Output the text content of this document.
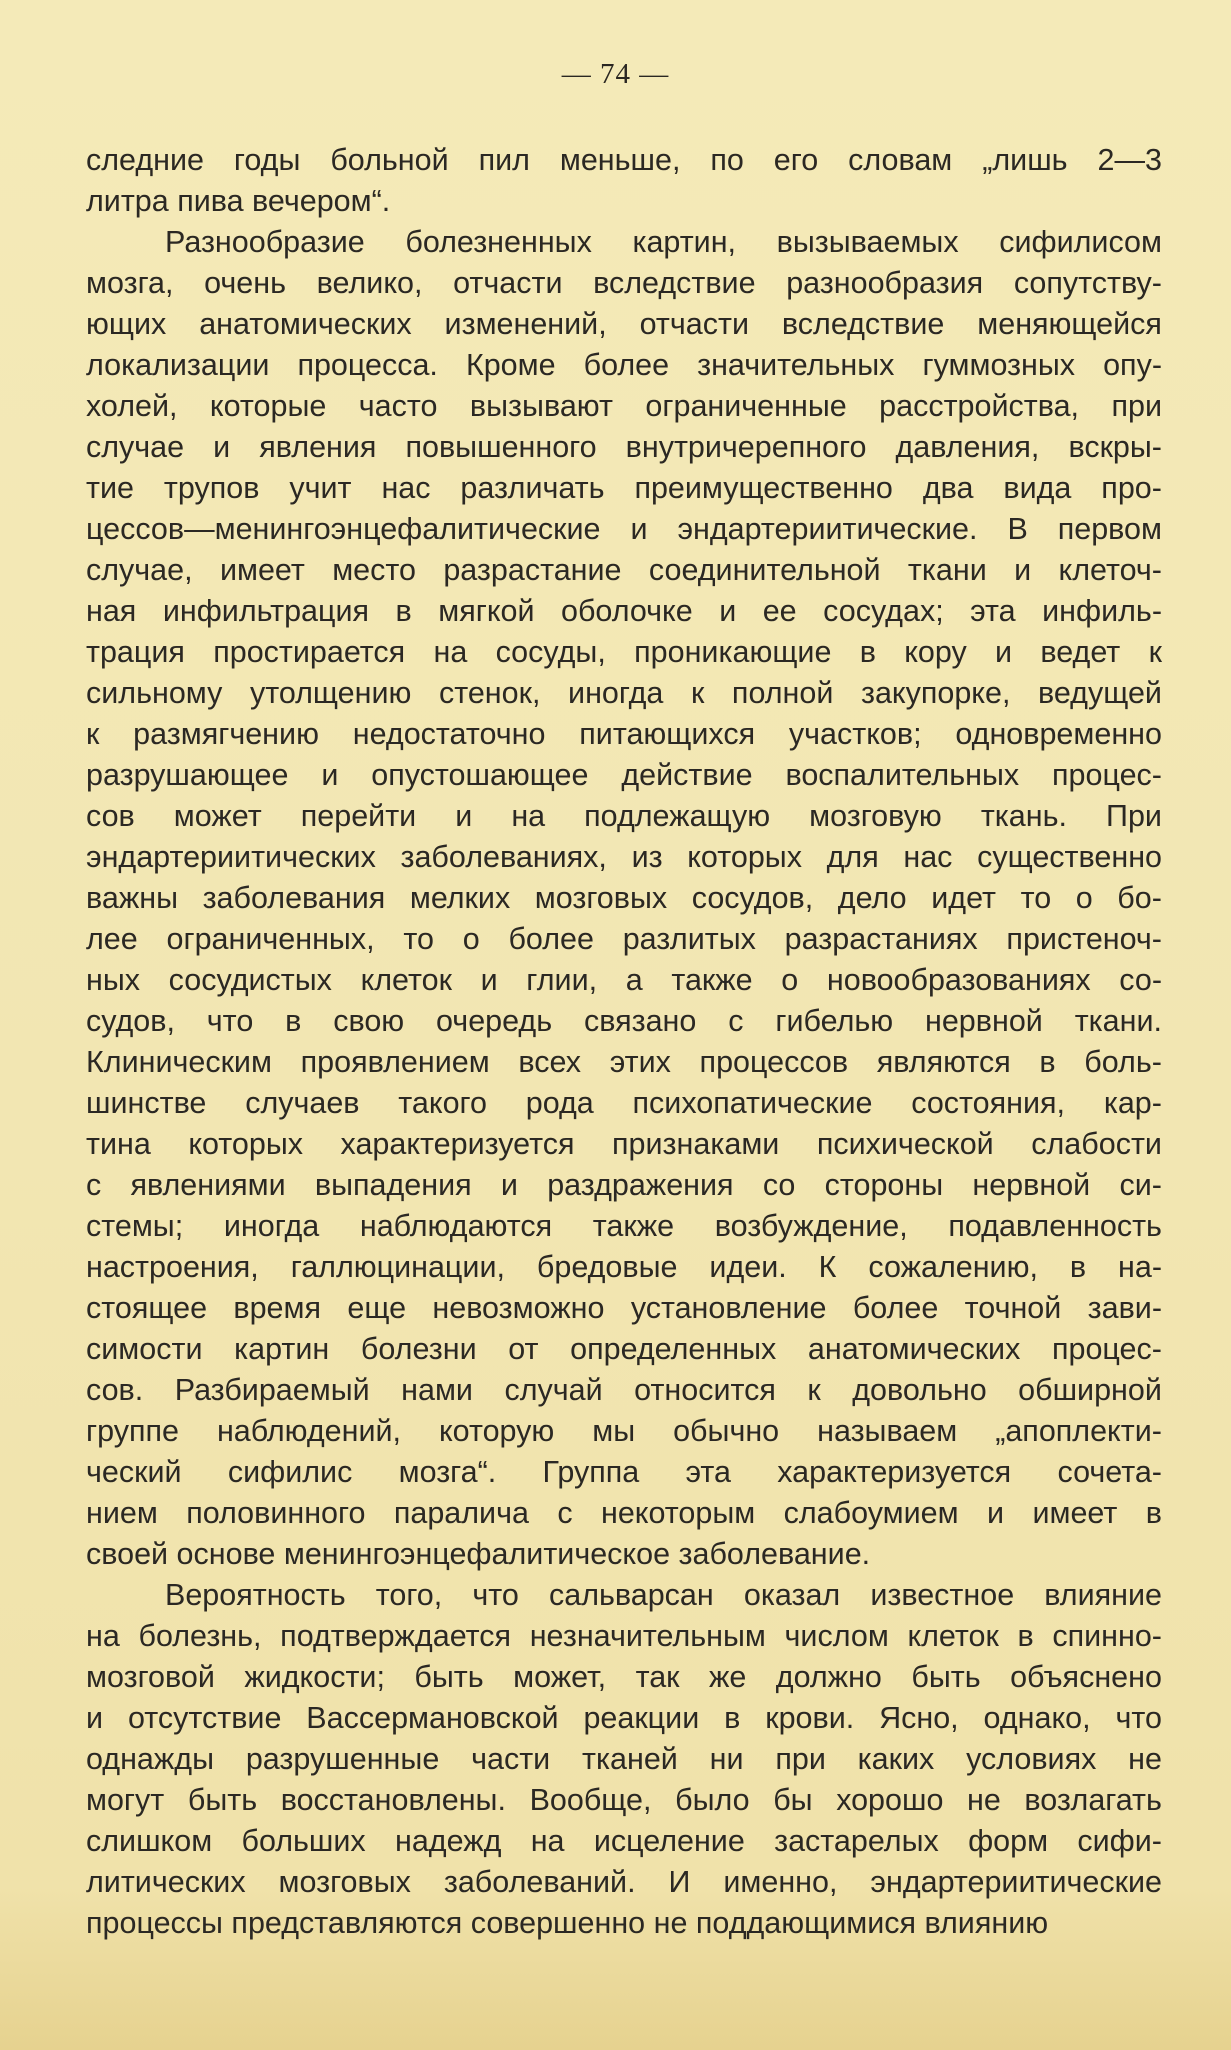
— 74 —
следние годы больной пил меньше, по его словам „лишь 2—3
литра пива вечером“.
Разнообразие болезненных картин, вызываемых сифилисом
мозга, очень велико, отчасти вследствие разнообразия сопутству-
ющих анатомических изменений, отчасти вследствие меняющейся
локализации процесса. Кроме более значительных гуммозных опу-
холей, которые часто вызывают ограниченные расстройства, при
случае и явления повышенного внутричерепного давления, вскры-
тие трупов учит нас различать преимущественно два вида про-
цессов—менингоэнцефалитические и эндартериитические. В первом
случае, имеет место разрастание соединительной ткани и клеточ-
ная инфильтрация в мягкой оболочке и ее сосудах; эта инфиль-
трация простирается на сосуды, проникающие в кору и ведет к
сильному утолщению стенок, иногда к полной закупорке, ведущей
к размягчению недостаточно питающихся участков; одновременно
разрушающее и опустошающее действие воспалительных процес-
сов может перейти и на подлежащую мозговую ткань. При
эндартериитических заболеваниях, из которых для нас существенно
важны заболевания мелких мозговых сосудов, дело идет то о бо-
лее ограниченных, то о более разлитых разрастаниях пристеноч-
ных сосудистых клеток и глии, а также о новообразованиях со-
судов, что в свою очередь связано с гибелью нервной ткани.
Клиническим проявлением всех этих процессов являются в боль-
шинстве случаев такого рода психопатические состояния, кар-
тина которых характеризуется признаками психической слабости
с явлениями выпадения и раздражения со стороны нервной си-
стемы; иногда наблюдаются также возбуждение, подавленность
настроения, галлюцинации, бредовые идеи. К сожалению, в на-
стоящее время еще невозможно установление более точной зави-
симости картин болезни от определенных анатомических процес-
сов. Разбираемый нами случай относится к довольно обширной
группе наблюдений, которую мы обычно называем „апоплекти-
ческий сифилис мозга“. Группа эта характеризуется сочета-
нием половинного паралича с некоторым слабоумием и имеет в
своей основе менингоэнцефалитическое заболевание.
Вероятность того, что сальварсан оказал известное влияние
на болезнь, подтверждается незначительным числом клеток в спинно-
мозговой жидкости; быть может, так же должно быть объяснено
и отсутствие Вассермановской реакции в крови. Ясно, однако, что
однажды разрушенные части тканей ни при каких условиях не
могут быть восстановлены. Вообще, было бы хорошо не возлагать
слишком больших надежд на исцеление застарелых форм сифи-
литических мозговых заболеваний. И именно, эндартериитические
процессы представляются совершенно не поддающимися влиянию
